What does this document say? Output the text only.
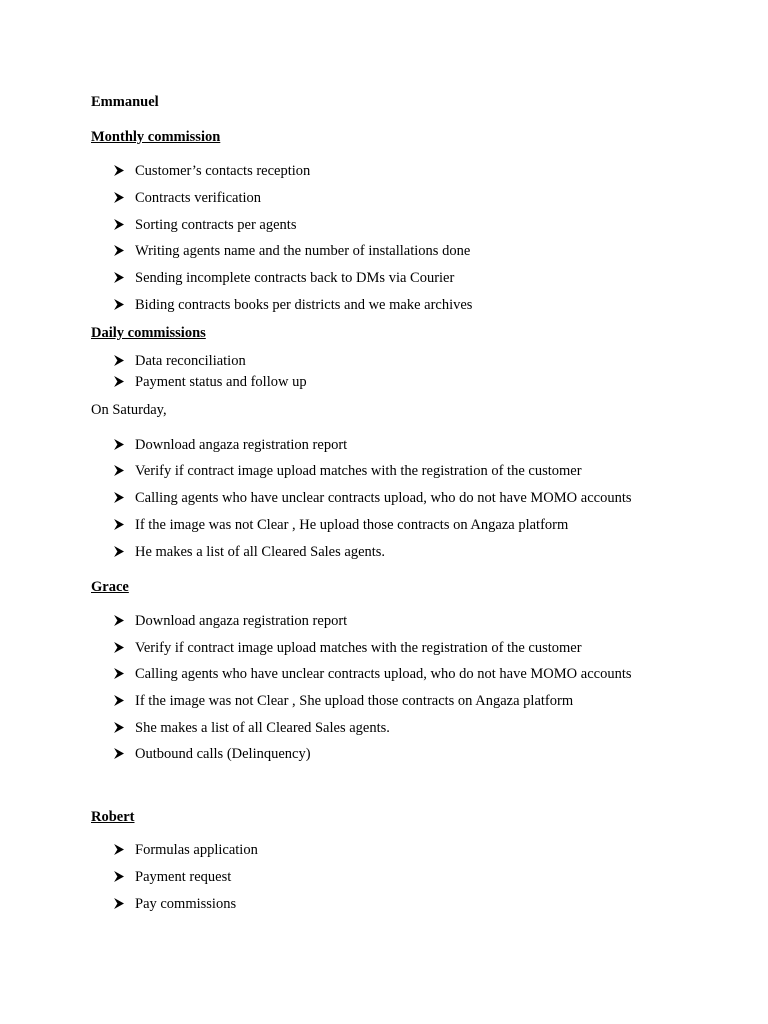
Emmanuel

Monthly commission

Customer’s contacts reception
Contracts verification
Sorting contracts per agents
Writing agents name and the number of installations done
Sending incomplete contracts back to DMs via Courier
Biding contracts books per districts and we make archives

Daily commissions

Data reconciliation
Payment status and follow up

On Saturday,

Download angaza registration report
Verify if contract image upload matches with the registration of the customer
Calling agents who have unclear contracts upload, who do not have MOMO accounts
If the image was not Clear , He upload those contracts on Angaza platform
He makes a list of all Cleared Sales agents.

Grace

Download angaza registration report
Verify if contract image upload matches with the registration of the customer
Calling agents who have unclear contracts upload, who do not have MOMO accounts
If the image was not Clear , She upload those contracts on Angaza platform
She makes a list of all Cleared Sales agents.
Outbound calls (Delinquency)

Robert

Formulas application
Payment request
Pay commissions
